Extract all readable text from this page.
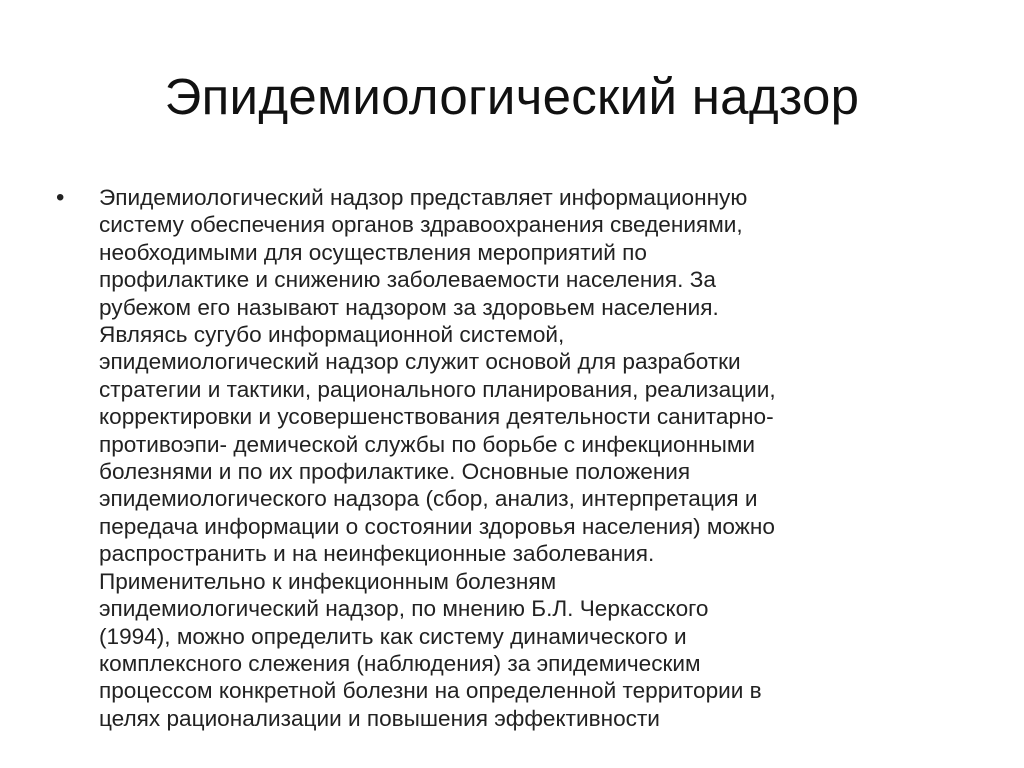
Эпидемиологический надзор
•	Эпидемиологический надзор представляет информационную
систему обеспечения органов здравоохранения сведениями,
необходимыми для осуществления мероприятий по
профилактике и снижению заболеваемости населения. За
рубежом его называют надзором за здоровьем населения.
Являясь сугубо информационной системой,
эпидемиологический надзор служит основой для разработки
стратегии и тактики, рационального планирования, реализации,
корректировки и усовершенствования деятельности санитарно-
противоэпи- демической службы по борьбе с инфекционными
болезнями и по их профилактике. Основные положения
эпидемиологического надзора (сбор, анализ, интерпретация и
передача информации о состоянии здоровья населения) можно
распространить и на неинфекционные заболевания.
Применительно к инфекционным болезням
эпидемиологический надзор, по мнению Б.Л. Черкасского
(1994), можно определить как систему динамического и
комплексного слежения (наблюдения) за эпидемическим
процессом конкретной болезни на определенной территории в
целях рационализации и повышения эффективности
